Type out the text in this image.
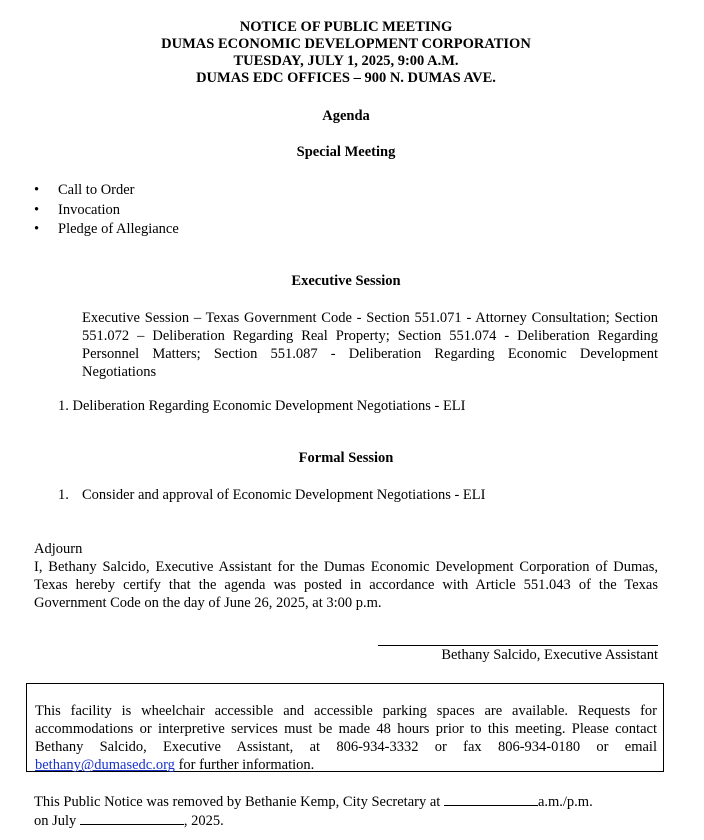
NOTICE OF PUBLIC MEETING
DUMAS ECONOMIC DEVELOPMENT CORPORATION
TUESDAY, JULY 1, 2025, 9:00 A.M.
DUMAS EDC OFFICES – 900 N. DUMAS AVE.
Agenda
Special Meeting
• Call to Order
• Invocation
• Pledge of Allegiance
Executive Session
Executive Session – Texas Government Code - Section 551.071 - Attorney Consultation; Section 551.072 – Deliberation Regarding Real Property; Section 551.074 - Deliberation Regarding Personnel Matters; Section 551.087 - Deliberation Regarding Economic Development Negotiations
1. Deliberation Regarding Economic Development Negotiations - ELI
Formal Session
1. Consider and approval of Economic Development Negotiations - ELI
Adjourn
I, Bethany Salcido, Executive Assistant for the Dumas Economic Development Corporation of Dumas, Texas hereby certify that the agenda was posted in accordance with Article 551.043 of the Texas Government Code on the day of June 26, 2025, at 3:00 p.m.
Bethany Salcido, Executive Assistant
This facility is wheelchair accessible and accessible parking spaces are available. Requests for accommodations or interpretive services must be made 48 hours prior to this meeting. Please contact Bethany Salcido, Executive Assistant, at 806-934-3332 or fax 806-934-0180 or email bethany@dumasedc.org for further information.
This Public Notice was removed by Bethanie Kemp, City Secretary at	a.m./p.m.
on July	, 2025.
